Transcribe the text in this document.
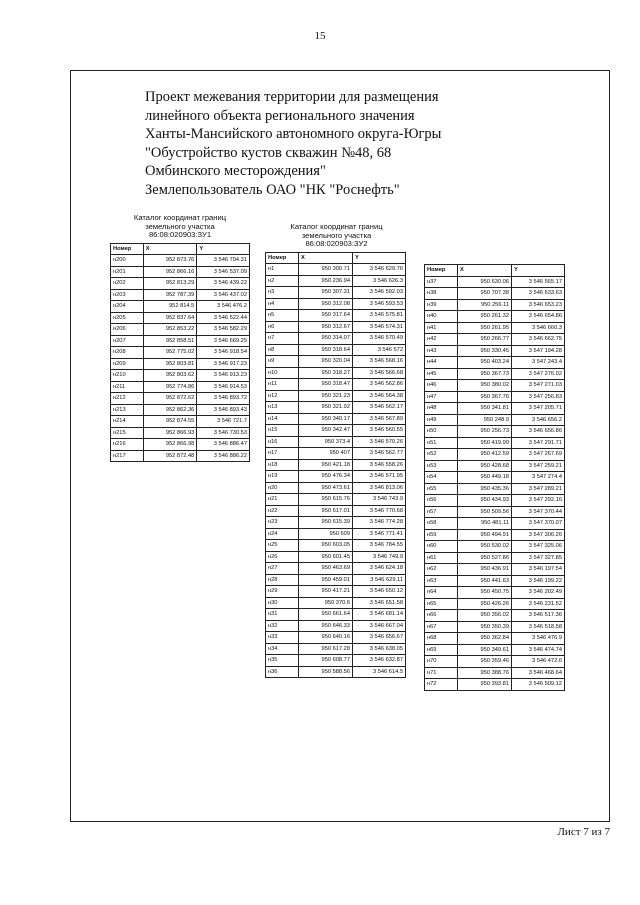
15
Проект межевания территории для размещения
линейного объекта регионального значения
Ханты-Мансийского автономного округа-Югры
"Обустройство кустов скважин №48, 68
Омбинского месторождения"
Землепользователь ОАО "НК "Роснефть"
Каталог координат границ
земельного участка
86:08:020903:ЗУ1
Номер	X	Y
н200	952 873.76	3 546 704.31
н201	952 866.16	3 546 537.09
н202	952 813.29	3 546 439.22
н203	952 787.39	3 546 437.02
н204	952 814.5	3 546 476.2
н205	952 837.64	3 546 522.44
н206	952 853.22	3 546 582.29
н207	952 858.51	3 546 669.25
н208	952 775.02	3 546 918.54
н209	952 803.81	3 546 917.23
н210	952 803.62	3 546 913.23
н211	952 774.86	3 546 914.53
н212	952 872.62	3 546 893.72
н213	952 862.36	3 546 893.43
н214	952 874.55	3 546 721.7
н215	952 866.93	3 546 730.53
н216	952 866.98	3 546 886.47
н217	952 872.48	3 546 886.22
Каталог координат границ
земельного участка
86:08:020903:ЗУ2
Номер	X	Y
н1	950 300.71	3 546 629.76
н2	950 236.94	3 546 626.3
н3	950 307.31	3 546 592.03
н4	950 312.08	3 546 593.53
н5	950 317.64	3 546 575.81
н6	950 312.67	3 546 574.31
н7	950 314.07	3 546 570.49
н8	950 318.64	3 546 572
н9	950 320.04	3 546 568.16
н10	950 318.27	3 546 566.68
н11	950 318.47	3 546 562.86
н12	950 321.23	3 546 564.38
н13	950 321.92	3 546 562.17
н14	950 340.17	3 546 567.89
н15	950 342.47	3 546 560.55
н16	950 373.4	3 546 570.26
н17	950 407	3 546 562.77
н18	950 421.18	3 546 558.26
н19	950 476.34	3 546 571.95
н20	950 473.61	3 546 813.06
н21	950 615.76	3 546 743.9
н22	950 617.01	3 546 770.68
н23	950 615.39	3 546 774.28
н24	950 609	3 546 771.41
н25	950 603.05	3 546 784.55
н26	950 601.45	3 546 749.9
н27	950 463.69	3 546 624.18
н28	950 459.01	3 546 629.11
н29	950 417.21	3 546 650.12
н30	950 370.6	3 546 651.58
н31	950 661.64	3 546 681.14
н32	950 646.33	3 546 667.04
н33	950 640.16	3 546 656.67
н34	950 617.28	3 546 638.05
н35	950 608.77	3 546 632.87
н36	950 588.56	3 546 614.5
Номер	X	Y
н37	950 630.06	3 546 565.17
н38	950 707.38	3 546 633.63
н39	950 256.11	3 546 653.23
н40	950 261.32	3 546 654.86
н41	950 261.95	3 546 660.3
н42	950 266.77	3 546 662.75
н43	950 330.45	3 547 194.28
н44	950 403.24	3 547 243.4
н45	950 367.73	3 547 276.02
н46	950 380.02	3 547 271.03
н47	950 367.76	3 547 256.83
н48	950 341.81	3 547 205.71
н49	950 248.9	3 546 656.2
н50	950 256.73	3 546 656.86
н51	950 419.99	3 547 291.71
н52	950 412.59	3 547 267.69
н53	950 428.68	3 547 259.21
н54	950 449.18	3 547 274.4
н55	950 435.36	3 547 289.21
н56	950 434.93	3 547 292.16
н57	950 509.56	3 547 370.44
н58	950 481.11	3 547 370.07
н59	950 494.91	3 547 306.26
н60	950 530.02	3 547 325.06
н61	950 527.86	3 547 327.85
н62	950 436.91	3 546 197.54
н63	950 441.63	3 546 199.22
н64	950 450.75	3 546 202.49
н65	950 426.26	3 546 231.52
н66	950 356.02	3 546 517.36
н67	950 350.39	3 546 518.58
н68	950 362.84	3 546 476.9
н69	950 349.61	3 546 474.74
н70	950 359.46	3 546 472.6
н71	950 388.76	3 546 468.64
н72	950 393.81	3 546 509.12
Лист 7 из 7
